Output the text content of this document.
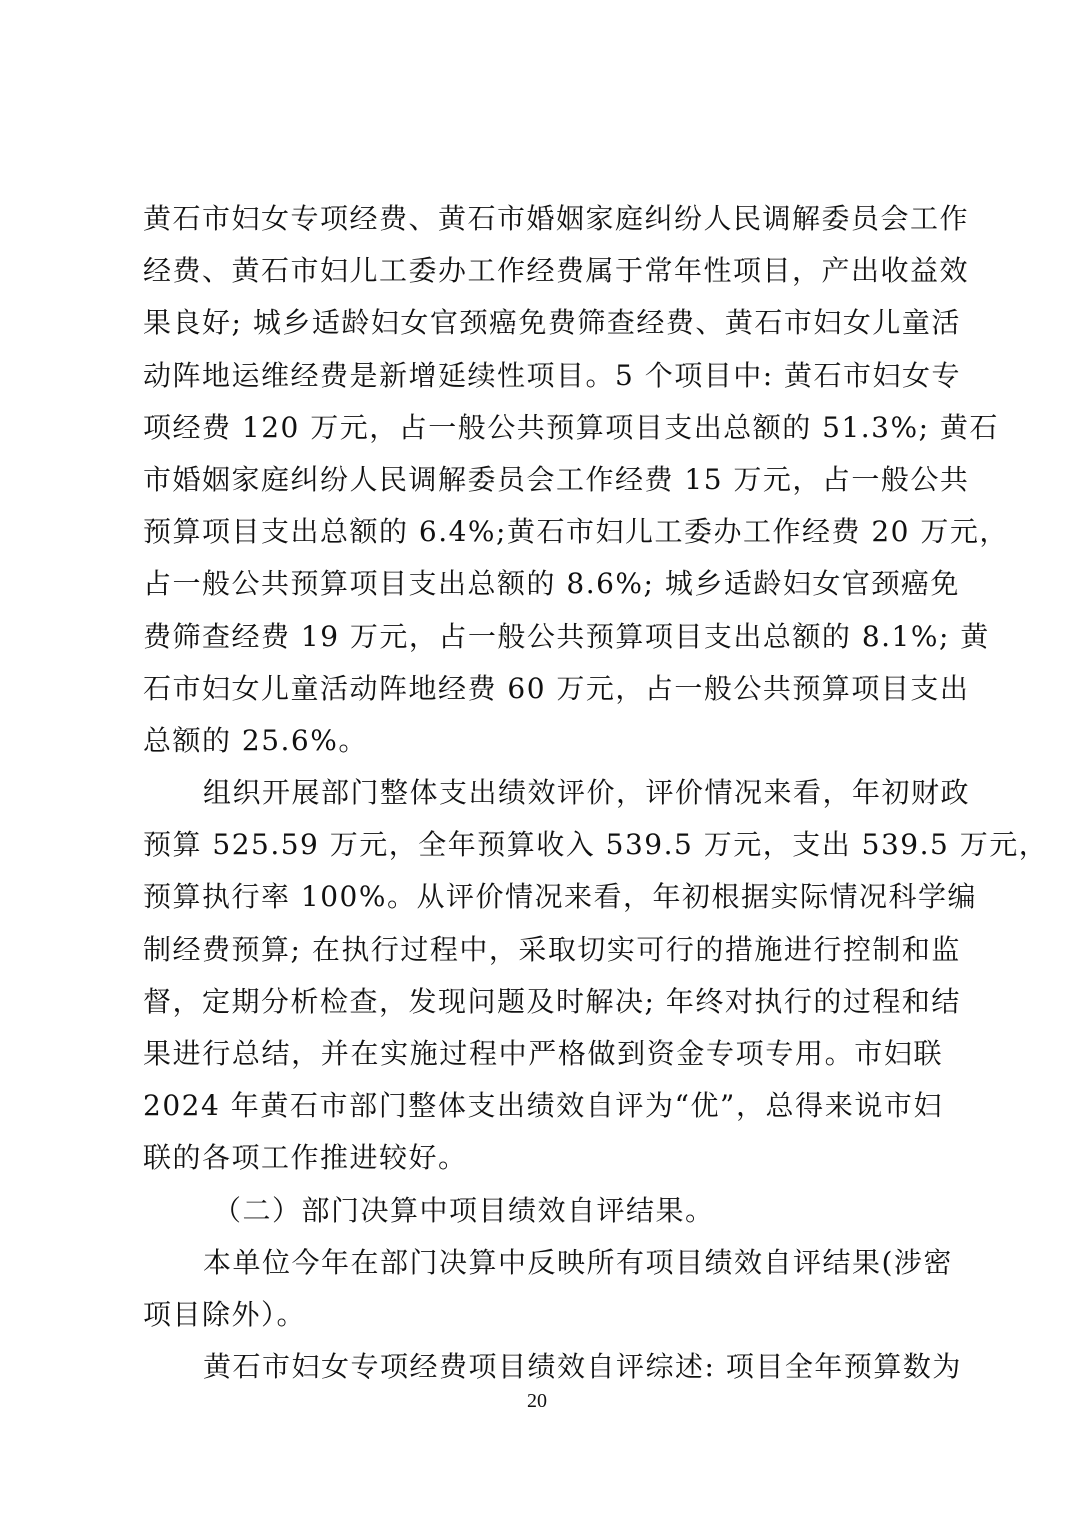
黄石市妇女专项经费、黄石市婚姻家庭纠纷人民调解委员会工作
经费、黄石市妇儿工委办工作经费属于常年性项目，产出收益效
果良好; 城乡适龄妇女官颈癌免费筛查经费、黄石市妇女儿童活
动阵地运维经费是新增延续性项目。5 个项目中: 黄石市妇女专
项经费 120 万元，占一般公共预算项目支出总额的 51.3%; 黄石
市婚姻家庭纠纷人民调解委员会工作经费 15 万元，占一般公共
预算项目支出总额的 6.4%;黄石市妇儿工委办工作经费 20 万元，
占一般公共预算项目支出总额的 8.6%; 城乡适龄妇女官颈癌免
费筛查经费 19 万元，占一般公共预算项目支出总额的 8.1%; 黄
石市妇女儿童活动阵地经费 60 万元，占一般公共预算项目支出
总额的 25.6%。
组织开展部门整体支出绩效评价，评价情况来看，年初财政
预算 525.59 万元，全年预算收入 539.5 万元，支出 539.5 万元，
预算执行率 100%。从评价情况来看，年初根据实际情况科学编
制经费预算; 在执行过程中，采取切实可行的措施进行控制和监
督，定期分析检查，发现问题及时解决; 年终对执行的过程和结
果进行总结，并在实施过程中严格做到资金专项专用。市妇联
2024 年黄石市部门整体支出绩效自评为“优”，总得来说市妇
联的各项工作推进较好。
（二）部门决算中项目绩效自评结果。
本单位今年在部门决算中反映所有项目绩效自评结果(涉密
项目除外）。
黄石市妇女专项经费项目绩效自评综述: 项目全年预算数为
20
